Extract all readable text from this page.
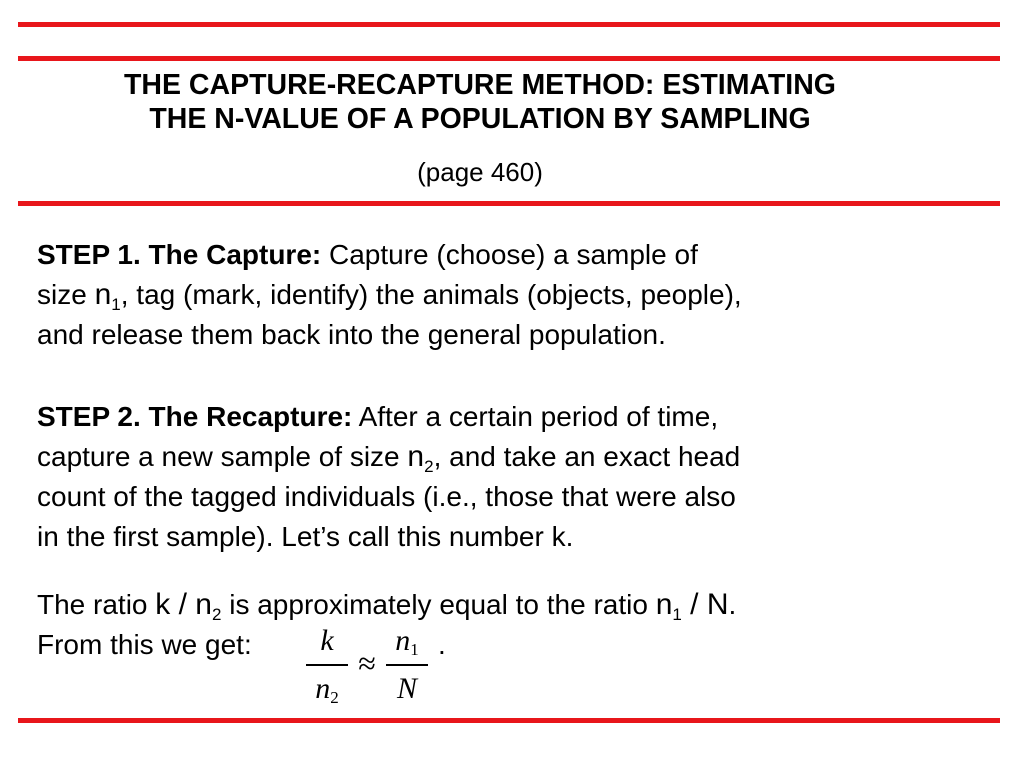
THE CAPTURE-RECAPTURE METHOD: ESTIMATING
THE N-VALUE OF A POPULATION BY SAMPLING
(page 460)
STEP 1. The Capture: Capture (choose) a sample of
size $n_1$, tag (mark, identify) the animals (objects, people),
and release them back into the general population.
STEP 2. The Recapture: After a certain period of time,
capture a new sample of size $n_2$, and take an exact head
count of the tagged individuals (i.e., those that were also
in the first sample). Let’s call this number k.
The ratio k / $n_2$ is approximately equal to the ratio $n_1$ / N.
From this we get:	k
n2
≈
n1
N
.
